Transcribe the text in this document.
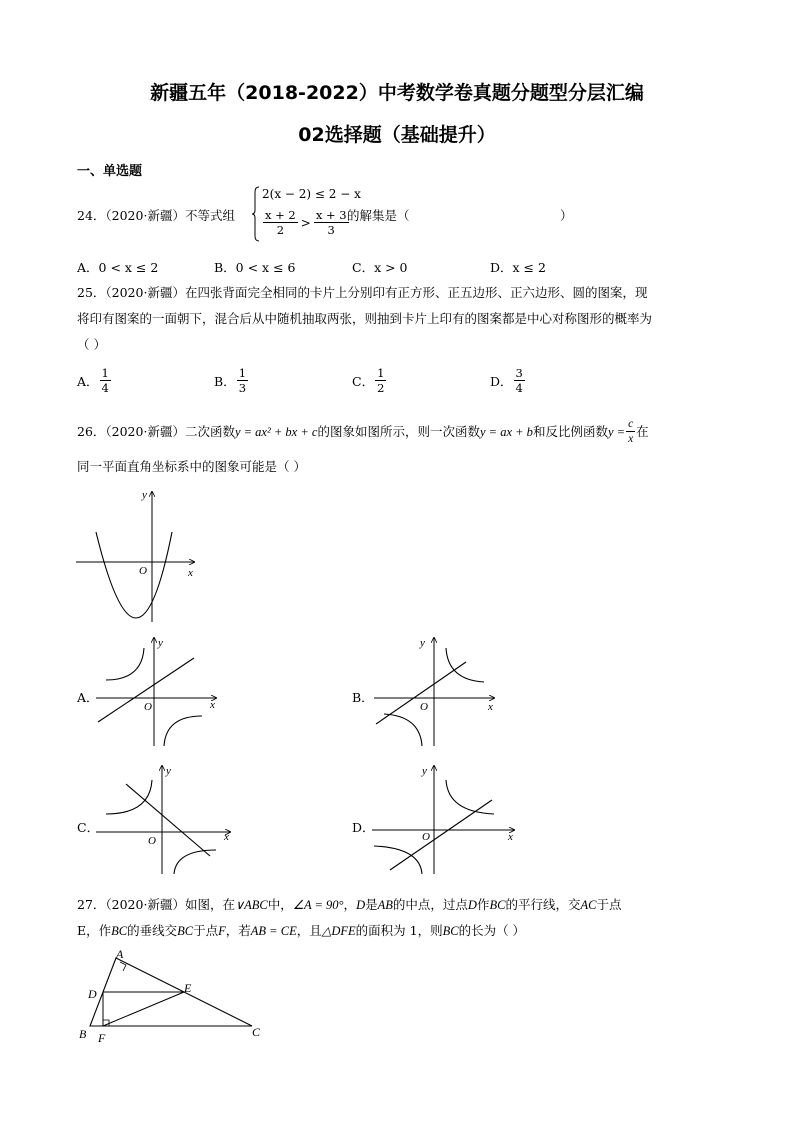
新疆五年（2018-2022）中考数学卷真题分题型分层汇编
02选择题（基础提升）
一、单选题
24．（2020·新疆）不等式组
2(x − 2) ≤ 2 − x
$\frac{x + 2}{2} > \frac{x + 3}{3}$
的解集是（	）
A．0 < x ≤ 2	B．0 < x ≤ 6	C．x > 0	D．x ≤ 2
25．（2020·新疆）在四张背面完全相同的卡片上分别印有正方形、正五边形、正六边形、圆的图案，现
将印有图案的一面朝下，混合后从中随机抽取两张，则抽到卡片上印有的图案都是中心对称图形的概率为
（ ）
A． $\frac{1}{4}$	B． $\frac{1}{3}$	C． $\frac{1}{2}$	D． $\frac{3}{4}$
26．（2020·新疆）二次函数 y = ax² + bx + c 的图象如图所示，则一次函数 y = ax + b 和反比例函数 $y = \frac{c}{x}$ 在
同一平面直角坐标系中的图象可能是（ ）
y
x
O
A．
y
x
O
B．
y
x
O
C．
y
x
O
D．
y
x
O
27．（2020·新疆）如图，在∨ABC中，∠A = 90°，D是AB的中点，过点D作BC的平行线，交AC于点
E，作BC的垂线交BC于点F，若AB = CE，且△DFE的面积为 1，则BC的长为（ ）
A
D	E
B F	C
